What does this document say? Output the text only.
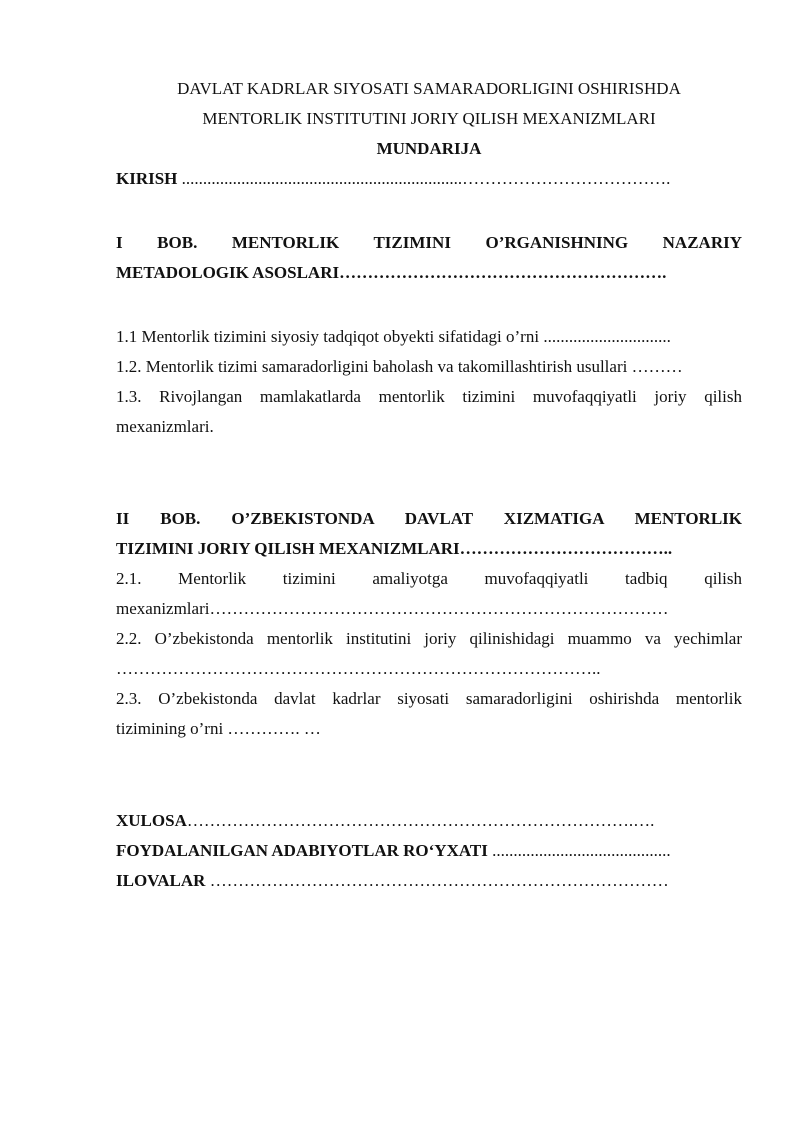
DAVLAT KADRLAR SIYOSATI SAMARADORLIGINI OSHIRISHDA
MENTORLIK INSTITUTINI JORIY QILISH MEXANIZMLARI
MUNDARIJA
KIRISH ..................................................................……………………………….
I BOB. MENTORLIK TIZIMINI O’RGANISHNING NAZARIY
METADOLOGIK ASOSLARI………………………………………………….
1.1 Mentorlik tizimini siyosiy tadqiqot obyekti sifatidagi o’rni ..............................
1.2. Mentorlik tizimi samaradorligini baholash va takomillashtirish usullari ………
1.3. Rivojlangan mamlakatlarda mentorlik tizimini muvofaqqiyatli joriy qilish
mexanizmlari.
II BOB. O’ZBEKISTONDA DAVLAT XIZMATIGA MENTORLIK
TIZIMINI JORIY QILISH MEXANIZMLARI………………………………..
2.1. Mentorlik tizimini amaliyotga muvofaqqiyatli tadbiq qilish
mexanizmlari………………………………………………………………………
2.2. O’zbekistonda mentorlik institutini joriy qilinishidagi muammo va yechimlar
…………………………………………………………………………..
2.3. O’zbekistonda davlat kadrlar siyosati samaradorligini oshirishda mentorlik
tizimining o’rni …………. …
XULOSA…………………………………………………………………….….
FOYDALANILGAN ADABIYOTLAR RO‘YXATI ..........................................
ILOVALAR ………………………………………………………………………
